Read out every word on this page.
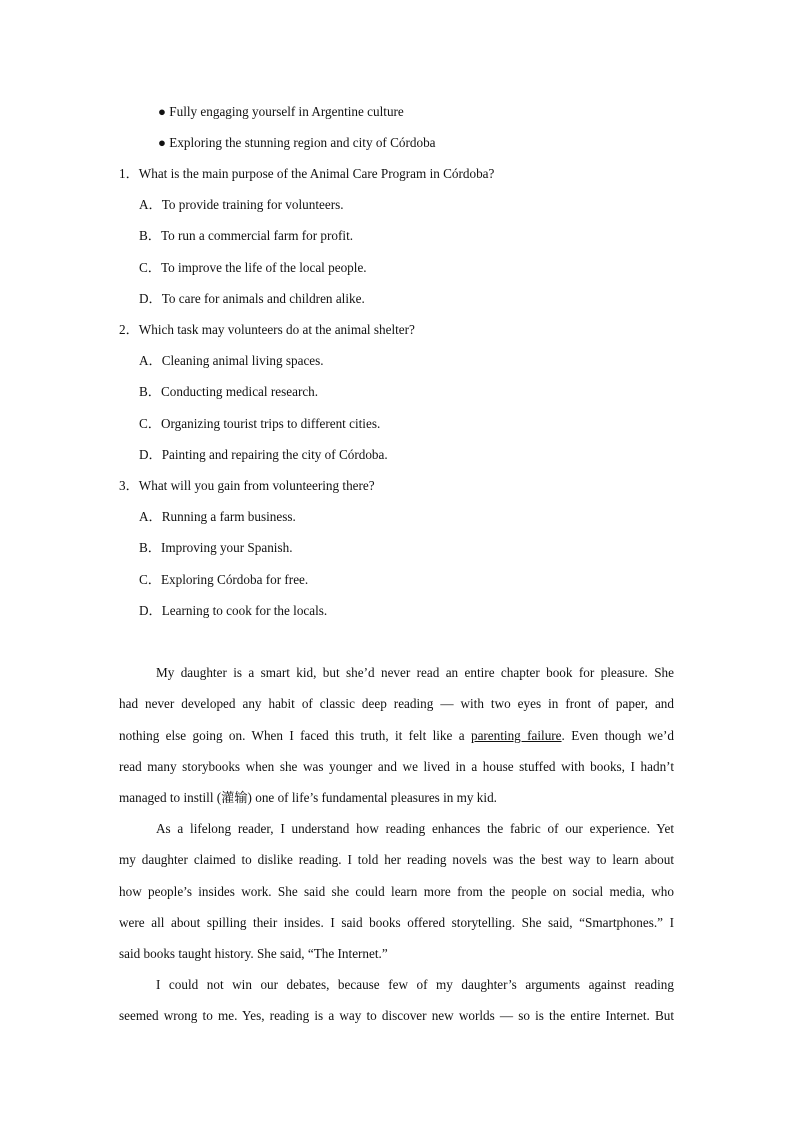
● Fully engaging yourself in Argentine culture
● Exploring the stunning region and city of Córdoba
1．What is the main purpose of the Animal Care Program in Córdoba?
A．To provide training for volunteers.
B．To run a commercial farm for profit.
C．To improve the life of the local people.
D．To care for animals and children alike.
2．Which task may volunteers do at the animal shelter?
A．Cleaning animal living spaces.
B．Conducting medical research.
C．Organizing tourist trips to different cities.
D．Painting and repairing the city of Córdoba.
3．What will you gain from volunteering there?
A．Running a farm business.
B．Improving your Spanish.
C．Exploring Córdoba for free.
D．Learning to cook for the locals.
My daughter is a smart kid, but she’d never read an entire chapter book for pleasure. She
had never developed any habit of classic deep reading — with two eyes in front of paper, and
nothing else going on. When I faced this truth, it felt like a parenting failure. Even though we’d
read many storybooks when she was younger and we lived in a house stuffed with books, I hadn’t
managed to instill (灌输) one of life’s fundamental pleasures in my kid.
As a lifelong reader, I understand how reading enhances the fabric of our experience. Yet
my daughter claimed to dislike reading. I told her reading novels was the best way to learn about
how people’s insides work. She said she could learn more from the people on social media, who
were all about spilling their insides. I said books offered storytelling. She said, “Smartphones.” I
said books taught history. She said, “The Internet.”
I could not win our debates, because few of my daughter’s arguments against reading
seemed wrong to me. Yes, reading is a way to discover new worlds — so is the entire Internet. But
